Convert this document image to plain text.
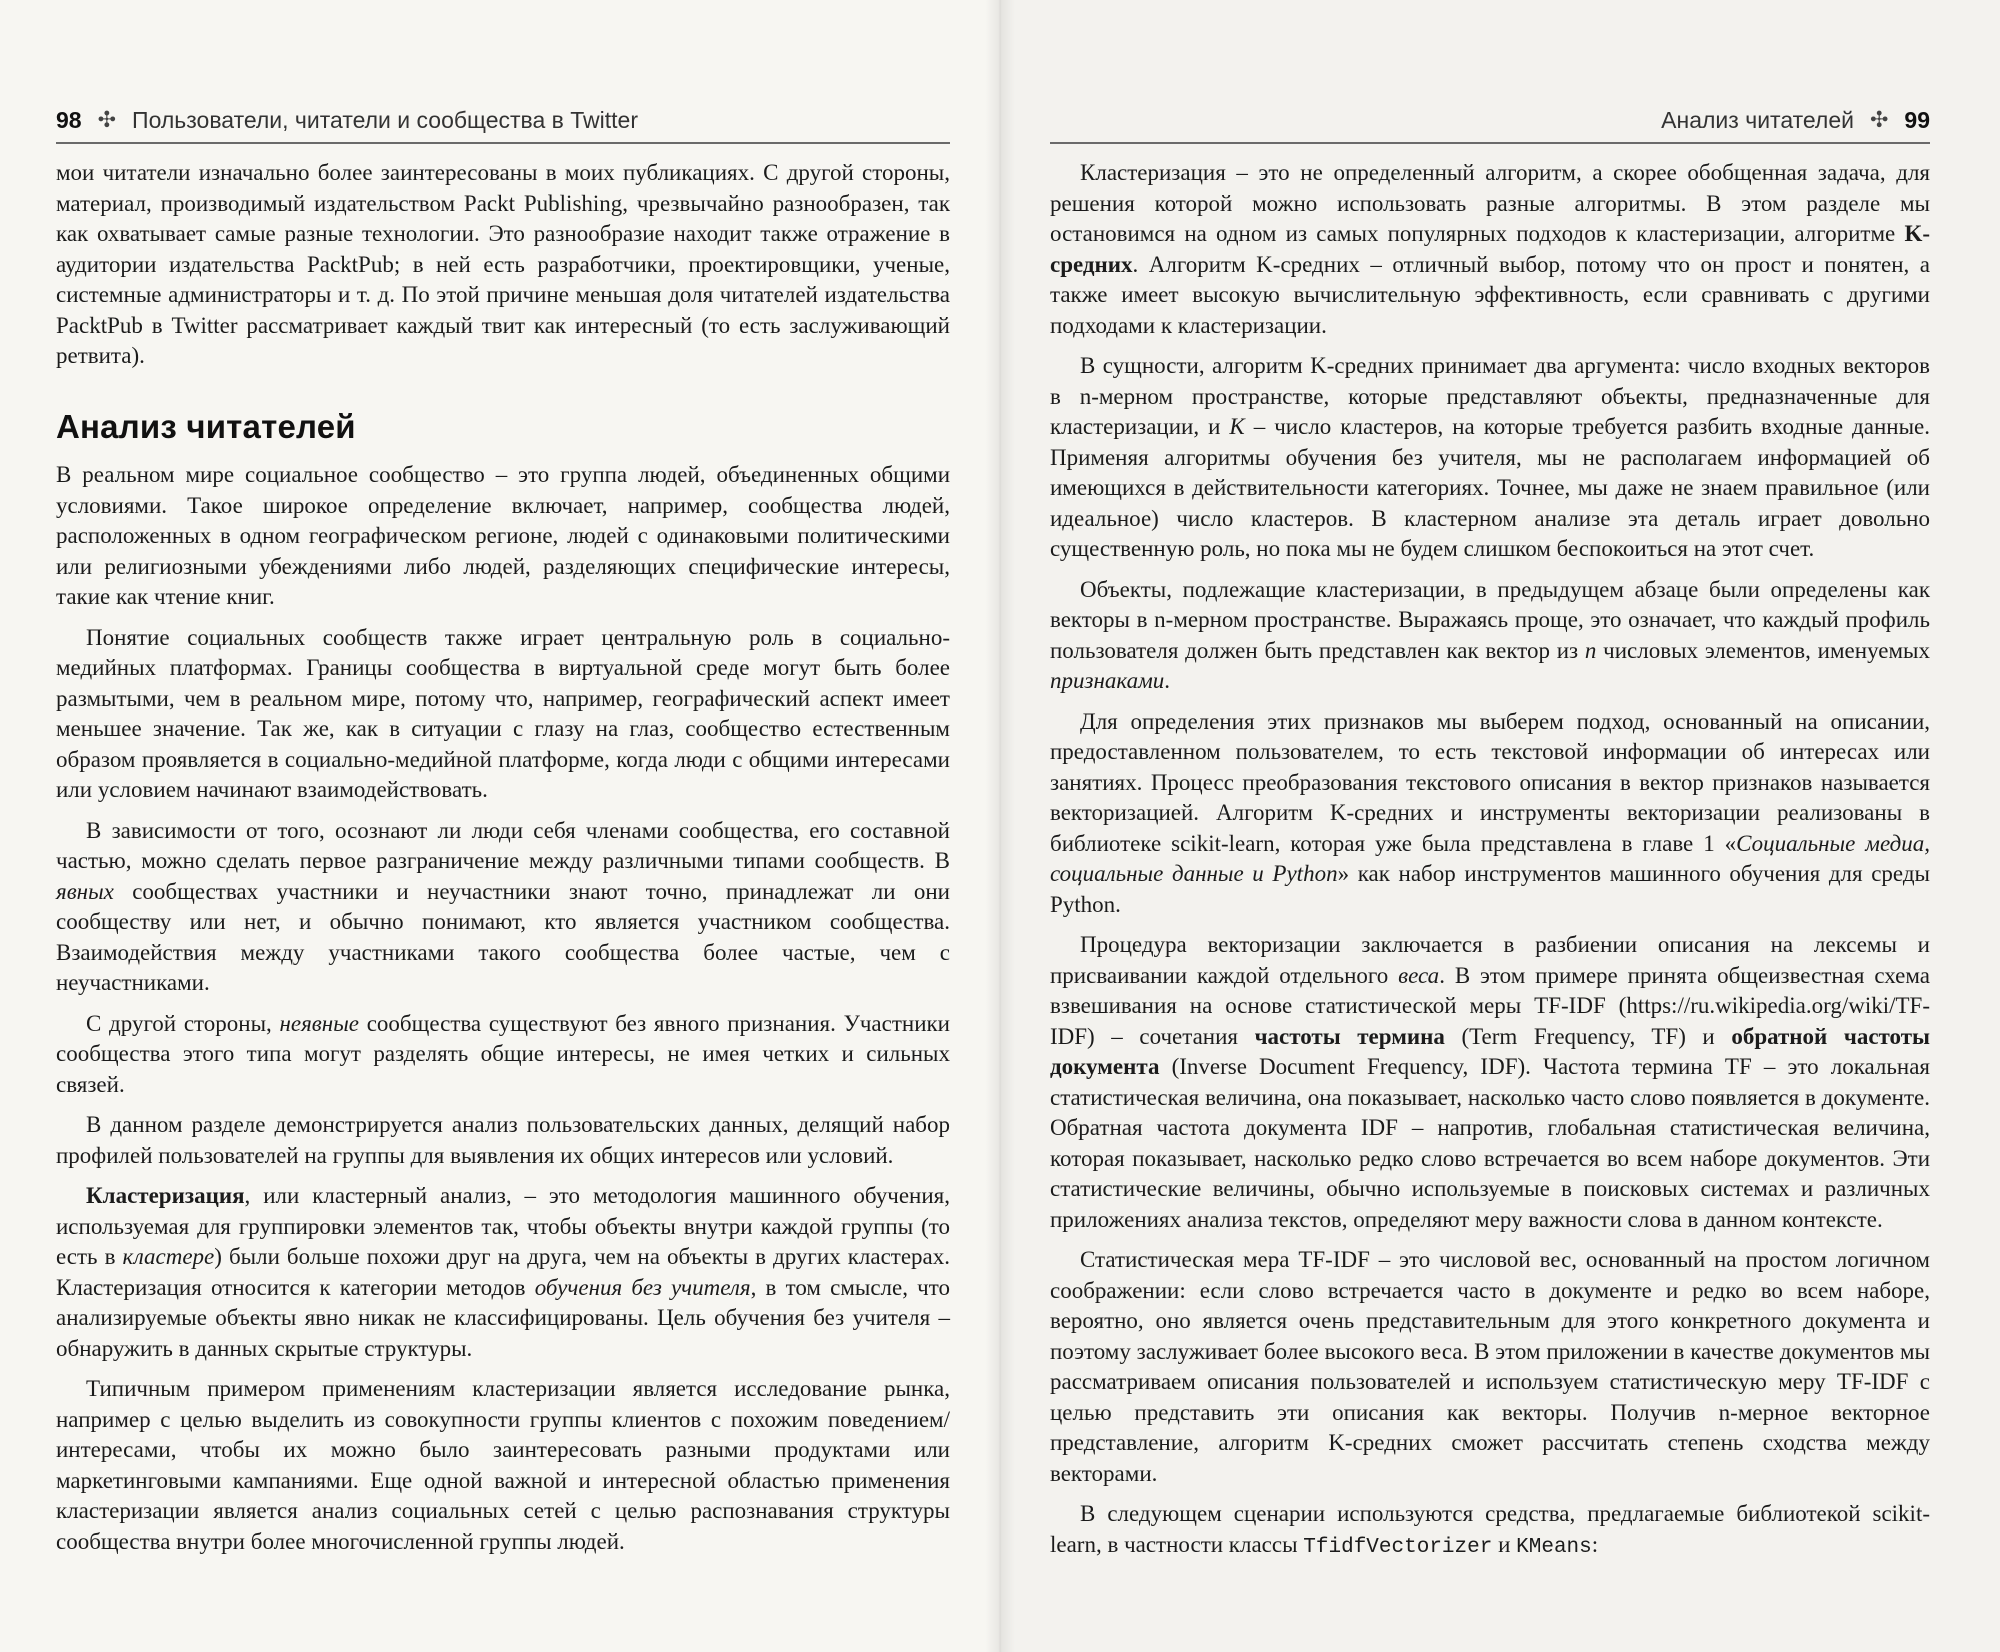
98 ✣ Пользователи, читатели и сообщества в Twitter

мои читатели изначально более заинтересованы в моих публикациях. С другой стороны, материал, производимый издательством Packt Publishing, чрезвычайно разнообразен, так как охватывает самые разные технологии. Это разнообразие находит также отражение в аудитории издательства PacktPub; в ней есть разработчики, проектировщики, ученые, системные администраторы и т. д. По этой причине меньшая доля читателей издательства PacktPub в Twitter рассматривает каждый твит как интересный (то есть заслуживающий ретвита).

Анализ читателей

В реальном мире социальное сообщество – это группа людей, объединенных общими условиями. Такое широкое определение включает, например, сообщества людей, расположенных в одном географическом регионе, людей с одинаковыми политическими или религиозными убеждениями либо людей, разделяющих специфические интересы, такие как чтение книг.

Понятие социальных сообществ также играет центральную роль в социально-медийных платформах. Границы сообщества в виртуальной среде могут быть более размытыми, чем в реальном мире, потому что, например, географический аспект имеет меньшее значение. Так же, как в ситуации с глазу на глаз, сообщество естественным образом проявляется в социально-медийной платформе, когда люди с общими интересами или условием начинают взаимодействовать.

В зависимости от того, осознают ли люди себя членами сообщества, его составной частью, можно сделать первое разграничение между различными типами сообществ. В явных сообществах участники и неучастники знают точно, принадлежат ли они сообществу или нет, и обычно понимают, кто является участником сообщества. Взаимодействия между участниками такого сообщества более частые, чем с неучастниками.

С другой стороны, неявные сообщества существуют без явного признания. Участники сообщества этого типа могут разделять общие интересы, не имея четких и сильных связей.

В данном разделе демонстрируется анализ пользовательских данных, делящий набор профилей пользователей на группы для выявления их общих интересов или условий.

Кластеризация, или кластерный анализ, – это методология машинного обучения, используемая для группировки элементов так, чтобы объекты внутри каждой группы (то есть в кластере) были больше похожи друг на друга, чем на объекты в других кластерах. Кластеризация относится к категории методов обучения без учителя, в том смысле, что анализируемые объекты явно никак не классифицированы. Цель обучения без учителя – обнаружить в данных скрытые структуры.

Типичным примером применениям кластеризации является исследование рынка, например с целью выделить из совокупности группы клиентов с похожим поведением/интересами, чтобы их можно было заинтересовать разными продуктами или маркетинговыми кампаниями. Еще одной важной и интересной областью применения кластеризации является анализ социальных сетей с целью распознавания структуры сообщества внутри более многочисленной группы людей.

Анализ читателей ✣ 99

Кластеризация – это не определенный алгоритм, а скорее обобщенная задача, для решения которой можно использовать разные алгоритмы. В этом разделе мы остановимся на одном из самых популярных подходов к кластеризации, алгоритме K-средних. Алгоритм K-средних – отличный выбор, потому что он прост и понятен, а также имеет высокую вычислительную эффективность, если сравнивать с другими подходами к кластеризации.

В сущности, алгоритм K-средних принимает два аргумента: число входных векторов в n-мерном пространстве, которые представляют объекты, предназначенные для кластеризации, и K – число кластеров, на которые требуется разбить входные данные. Применяя алгоритмы обучения без учителя, мы не располагаем информацией об имеющихся в действительности категориях. Точнее, мы даже не знаем правильное (или идеальное) число кластеров. В кластерном анализе эта деталь играет довольно существенную роль, но пока мы не будем слишком беспокоиться на этот счет.

Объекты, подлежащие кластеризации, в предыдущем абзаце были определены как векторы в n-мерном пространстве. Выражаясь проще, это означает, что каждый профиль пользователя должен быть представлен как вектор из n числовых элементов, именуемых признаками.

Для определения этих признаков мы выберем подход, основанный на описании, предоставленном пользователем, то есть текстовой информации об интересах или занятиях. Процесс преобразования текстового описания в вектор признаков называется векторизацией. Алгоритм K-средних и инструменты векторизации реализованы в библиотеке scikit-learn, которая уже была представлена в главе 1 «Социальные медиа, социальные данные и Python» как набор инструментов машинного обучения для среды Python.

Процедура векторизации заключается в разбиении описания на лексемы и присваивании каждой отдельного веса. В этом примере принята общеизвестная схема взвешивания на основе статистической меры TF-IDF (https://ru.wikipedia.org/wiki/TF-IDF) – сочетания частоты термина (Term Frequency, TF) и обратной частоты документа (Inverse Document Frequency, IDF). Частота термина TF – это локальная статистическая величина, она показывает, насколько часто слово появляется в документе. Обратная частота документа IDF – напротив, глобальная статистическая величина, которая показывает, насколько редко слово встречается во всем наборе документов. Эти статистические величины, обычно используемые в поисковых системах и различных приложениях анализа текстов, определяют меру важности слова в данном контексте.

Статистическая мера TF-IDF – это числовой вес, основанный на простом логичном соображении: если слово встречается часто в документе и редко во всем наборе, вероятно, оно является очень представительным для этого конкретного документа и поэтому заслуживает более высокого веса. В этом приложении в качестве документов мы рассматриваем описания пользователей и используем статистическую меру TF-IDF с целью представить эти описания как векторы. Получив n-мерное векторное представление, алгоритм K-средних сможет рассчитать степень сходства между векторами.

В следующем сценарии используются средства, предлагаемые библиотекой scikit-learn, в частности классы TfidfVectorizer и KMeans:
